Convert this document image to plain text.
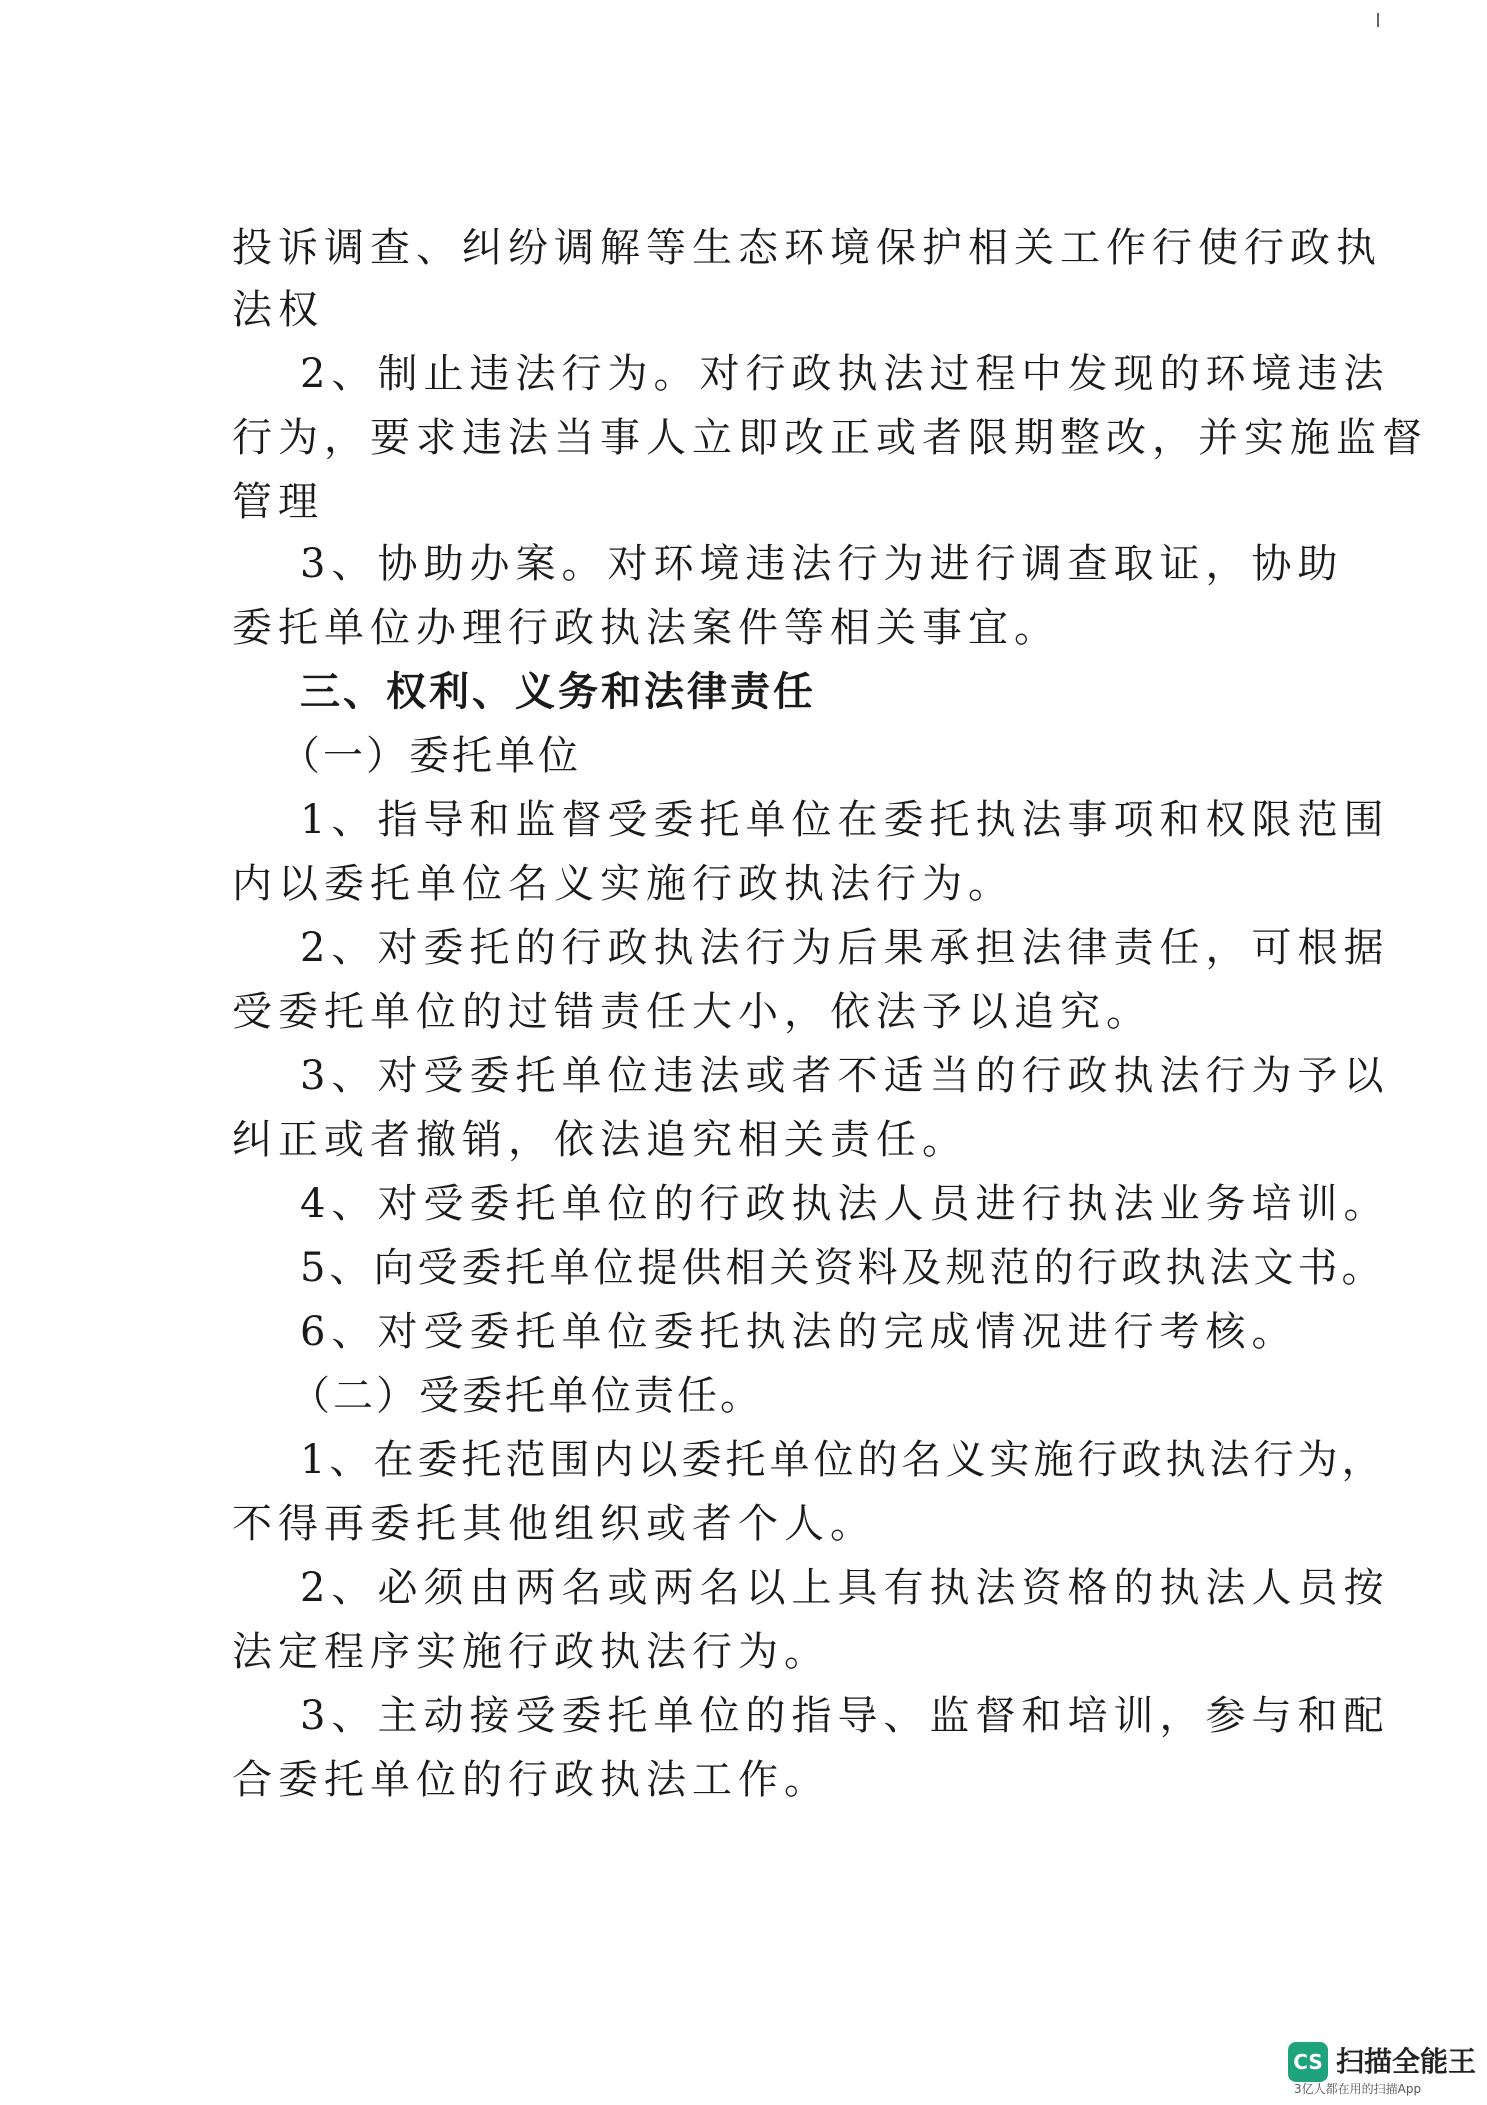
投诉调查、纠纷调解等生态环境保护相关工作行使行政执

法权

2、制止违法行为。对行政执法过程中发现的环境违法

行为，要求违法当事人立即改正或者限期整改，并实施监督

管理

3、协助办案。对环境违法行为进行调查取证，协助

委托单位办理行政执法案件等相关事宜。

三、权利、义务和法律责任

（一）委托单位

1、指导和监督受委托单位在委托执法事项和权限范围

内以委托单位名义实施行政执法行为。

2、对委托的行政执法行为后果承担法律责任，可根据

受委托单位的过错责任大小，依法予以追究。

3、对受委托单位违法或者不适当的行政执法行为予以

纠正或者撤销，依法追究相关责任。

4、对受委托单位的行政执法人员进行执法业务培训。

5、向受委托单位提供相关资料及规范的行政执法文书。

6、对受委托单位委托执法的完成情况进行考核。

（二）受委托单位责任。

1、在委托范围内以委托单位的名义实施行政执法行为，

不得再委托其他组织或者个人。

2、必须由两名或两名以上具有执法资格的执法人员按

法定程序实施行政执法行为。

3、主动接受委托单位的指导、监督和培训，参与和配

合委托单位的行政执法工作。

CS 扫描全能王
3亿人都在用的扫描App
